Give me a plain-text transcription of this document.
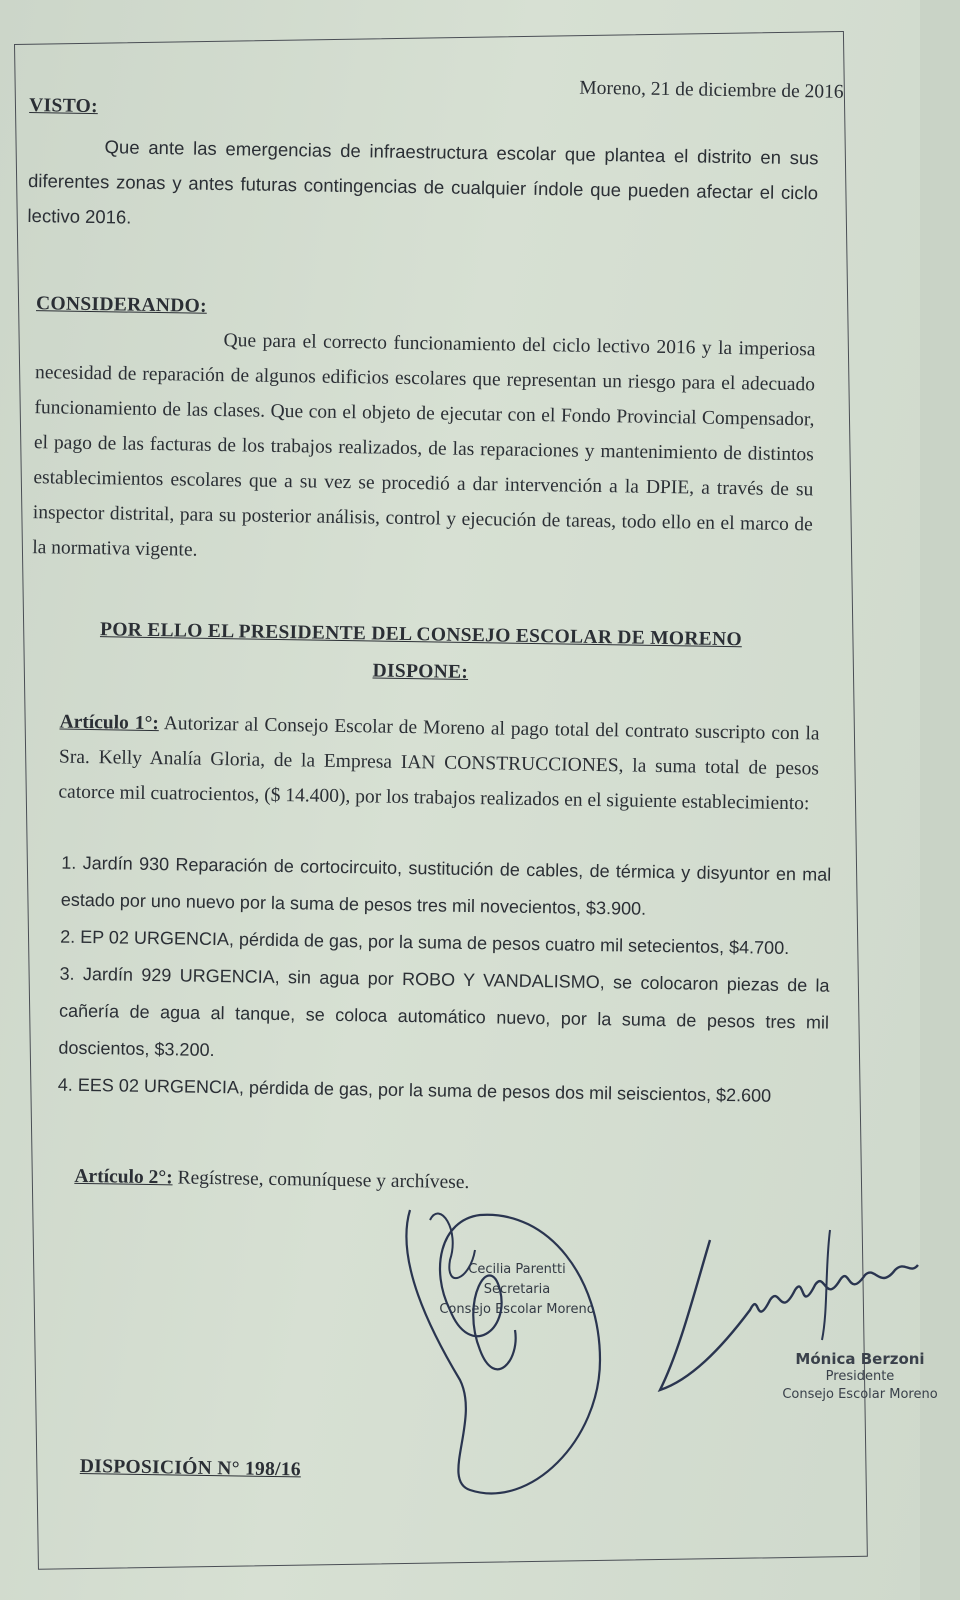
Moreno, 21 de diciembre de 2016
VISTO:

Que ante las emergencias de infraestructura escolar que plantea el distrito en sus diferentes zonas y antes futuras contingencias de cualquier índole que pueden afectar el ciclo lectivo 2016.

CONSIDERANDO:

Que para el correcto funcionamiento del ciclo lectivo 2016 y la imperiosa necesidad de reparación de algunos edificios escolares que representan un riesgo para el adecuado funcionamiento de las clases. Que con el objeto de ejecutar con el Fondo Provincial Compensador, el pago de las facturas de los trabajos realizados, de las reparaciones y mantenimiento de distintos establecimientos escolares que a su vez se procedió a dar intervención a la DPIE, a través de su inspector distrital, para su posterior análisis, control y ejecución de tareas, todo ello en el marco de la normativa vigente.

POR ELLO EL PRESIDENTE DEL CONSEJO ESCOLAR DE MORENO
DISPONE:

Artículo 1°: Autorizar al Consejo Escolar de Moreno al pago total del contrato suscripto con la Sra. Kelly Analía Gloria, de la Empresa IAN CONSTRUCCIONES, la suma total de pesos catorce mil cuatrocientos, ($ 14.400), por los trabajos realizados en el siguiente establecimiento:

1. Jardín 930 Reparación de cortocircuito, sustitución de cables, de térmica y disyuntor en mal estado por uno nuevo por la suma de pesos tres mil novecientos, $3.900.
2. EP 02 URGENCIA, pérdida de gas, por la suma de pesos cuatro mil setecientos, $4.700.
3. Jardín 929 URGENCIA, sin agua por ROBO Y VANDALISMO, se colocaron piezas de la cañería de agua al tanque, se coloca automático nuevo, por la suma de pesos tres mil doscientos, $3.200.
4. EES 02 URGENCIA, pérdida de gas, por la suma de pesos dos mil seiscientos, $2.600
Artículo 2°: Regístrese, comuníquese y archívese.
DISPOSICIÓN N° 198/16
Cecilia Parentti
Secretaria
Consejo Escolar Moreno
Mónica Berzoni
Presidente
Consejo Escolar Moreno
